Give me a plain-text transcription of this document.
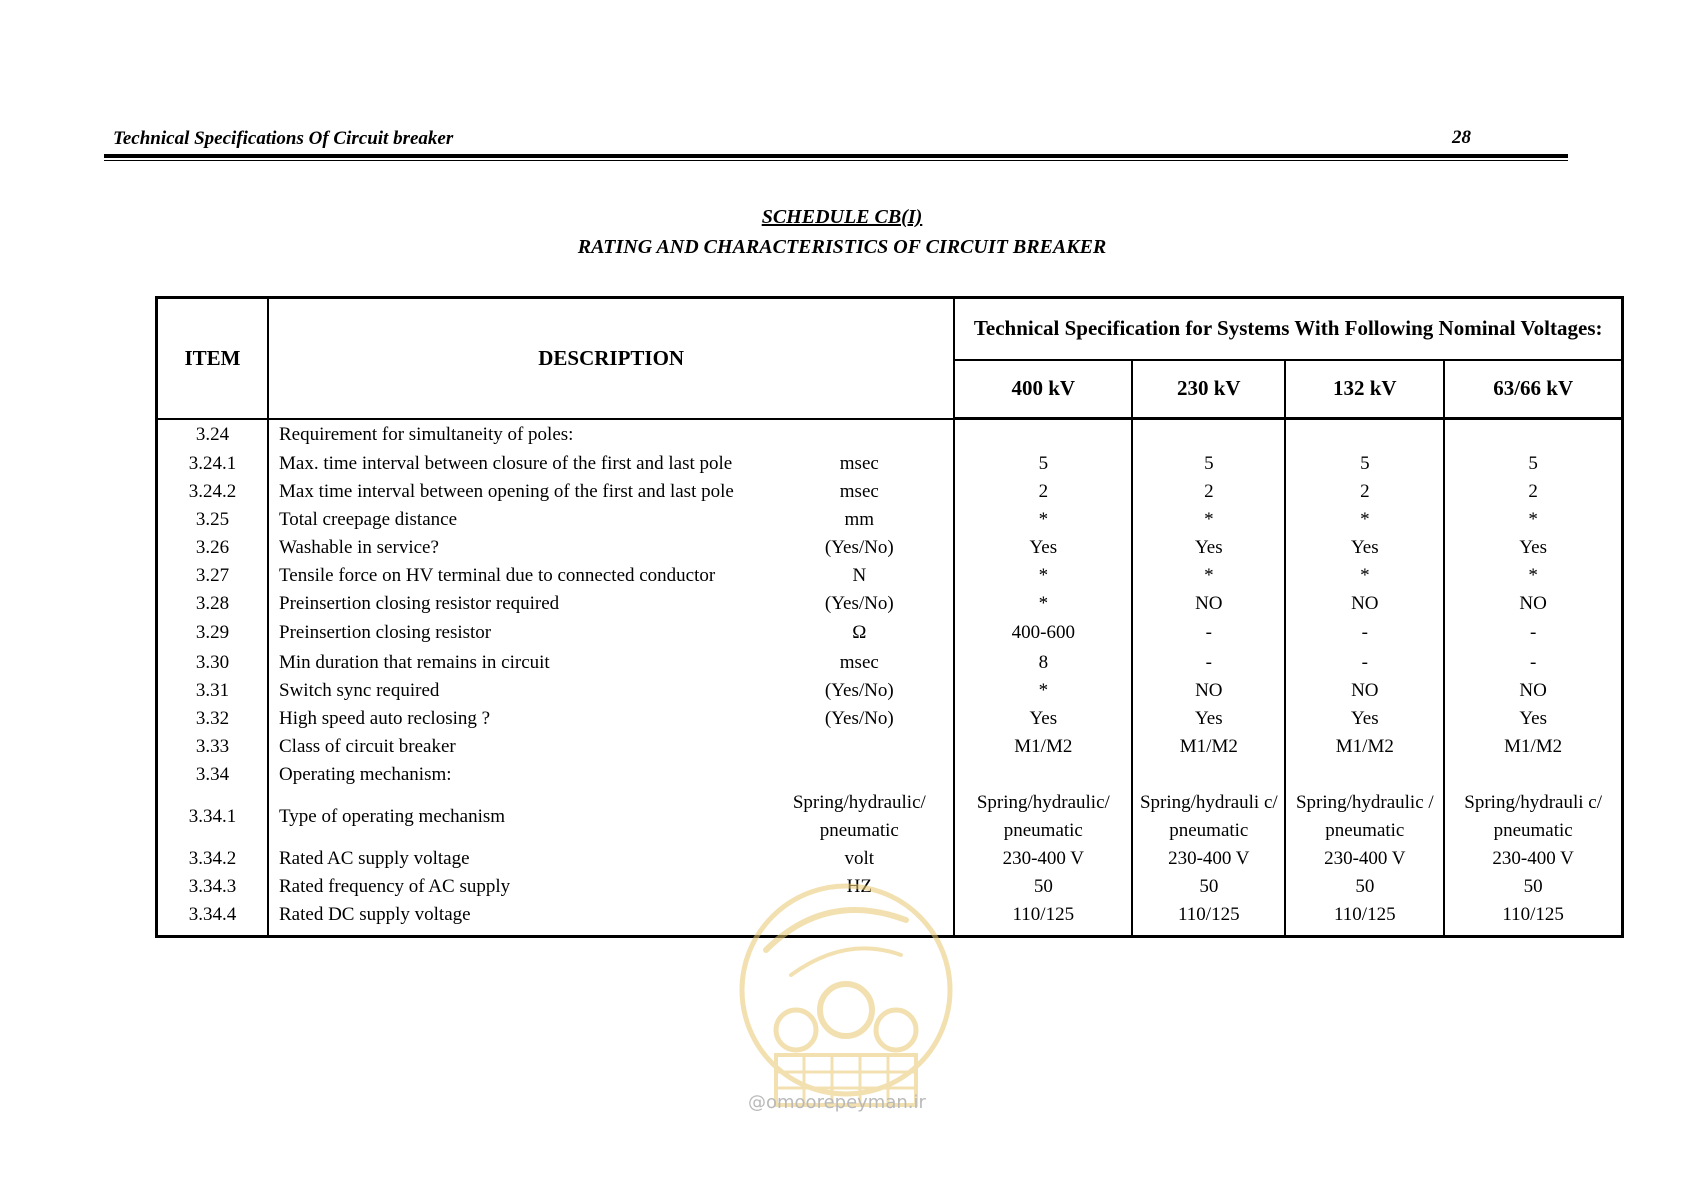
Technical Specifications Of Circuit breaker	28
SCHEDULE CB(I)
RATING AND CHARACTERISTICS OF CIRCUIT BREAKER
ITEM	DESCRIPTION		Technical Specification for Systems With Following Nominal Voltages:			
			400 kV	230 kV	132 kV	63/66 kV
3.24	Requirement for simultaneity of poles:					
3.24.1	Max. time interval between closure of the first and last pole	msec	5	5	5	5
3.24.2	Max time interval between opening of the first and last pole	msec	2	2	2	2
3.25	Total creepage distance	mm	*	*	*	*
3.26	Washable in service?	(Yes/No)	Yes	Yes	Yes	Yes
3.27	Tensile force on HV terminal due to connected conductor	N	*	*	*	*
3.28	Preinsertion closing resistor required	(Yes/No)	*	NO	NO	NO
3.29	Preinsertion closing resistor	Ω	400-600	-	-	-
3.30	Min duration that remains in circuit	msec	8	-	-	-
3.31	Switch sync required	(Yes/No)	*	NO	NO	NO
3.32	High speed auto reclosing ?	(Yes/No)	Yes	Yes	Yes	Yes
3.33	Class of circuit breaker		M1/M2	M1/M2	M1/M2	M1/M2
3.34	Operating mechanism:					
3.34.1	Type of operating mechanism	Spring/hydraulic/ pneumatic	Spring/hydraulic/ pneumatic	Spring/hydrauli c/ pneumatic	Spring/hydraulic / pneumatic	Spring/hydrauli c/ pneumatic
3.34.2	Rated AC supply voltage	volt	230-400 V	230-400 V	230-400 V	230-400 V
3.34.3	Rated frequency of AC supply	HZ	50	50	50	50
3.34.4	Rated DC supply voltage		110/125	110/125	110/125	110/125
@omoorepeyman.ir
